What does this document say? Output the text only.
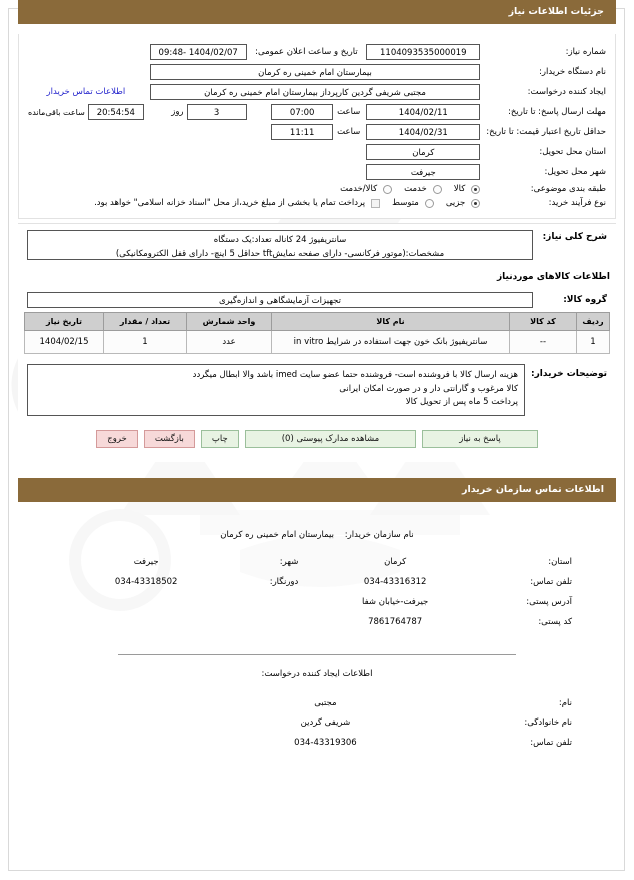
جزئیات اطلاعات نیاز
شماره نیاز:	1104093535000019	تاریخ و ساعت اعلان عمومی:	1404/02/07 -09:48	

نام دستگاه خریدار:	بیمارستان امام خمینی ره کرمان			

ایجاد کننده درخواست:	مجتبی شریفی گردین کارپرداز بیمارستان امام خمینی ره کرمان			اطلاعات تماس خریدار
مهلت ارسال پاسخ: تا تاریخ:	1404/02/11	ساعت
07:00	3
روز	20:54:54
ساعت باقی‌مانده

حداقل تاریخ اعتبار قیمت: تا تاریخ:	1404/02/31	ساعت
11:11		

استان محل تحویل:	کرمان			

شهر محل تحویل:	جیرفت			

طبقه بندی موضوعی:	کالا
خدمت
کالا/خدمت			

نوع فرآیند خرید:	جزیی
متوسط
پرداخت تمام یا بخشی از مبلغ خرید،از محل "اسناد خزانه اسلامی" خواهد بود.			
شرح کلی نیاز:	
سانتریفیوژ 24 کاناله تعداد:یک دستگاه
مشخصات:(موتور فرکانسی- دارای صفحه نمایشtft حداقل 5 اینچ- دارای قفل الکترومکانیکی)
اطلاعات کالاهای موردنیاز
گروه کالا:	
تجهیزات آزمایشگاهی و اندازه‌گیری
ردیف	کد کالا	نام کالا	واحد شمارش	تعداد / مقدار	تاریخ نیاز
1	--	سانتریفیوژ بانک خون جهت استفاده در شرایط in vitro	عدد	1	1404/02/15
توضیحات خریدار:	
هزینه ارسال کالا با فروشنده است- فروشنده حتما عضو سایت imed باشد والا ابطال میگردد
کالا مرغوب و گارانتی دار و در صورت امکان ایرانی
پرداخت 5 ماه پس از تحویل کالا
پاسخ به نیاز
مشاهده مدارک پیوستی (0)
چاپ
بازگشت
خروج
اطلاعات تماس سازمان خریدار
نام سازمان خریدار:    بیمارستان امام خمینی ره کرمان
استان:	کرمان	شهر:	جیرفت
تلفن تماس:	034-43316312	دورنگار:	034-43318502
آدرس پستی:	جیرفت-خیابان شفا		
کد پستی:	7861764787		
اطلاعات ایجاد کننده درخواست:
نام:	مجتبی		
نام خانوادگی:	شریفی گردین		
تلفن تماس:	034-43319306		
